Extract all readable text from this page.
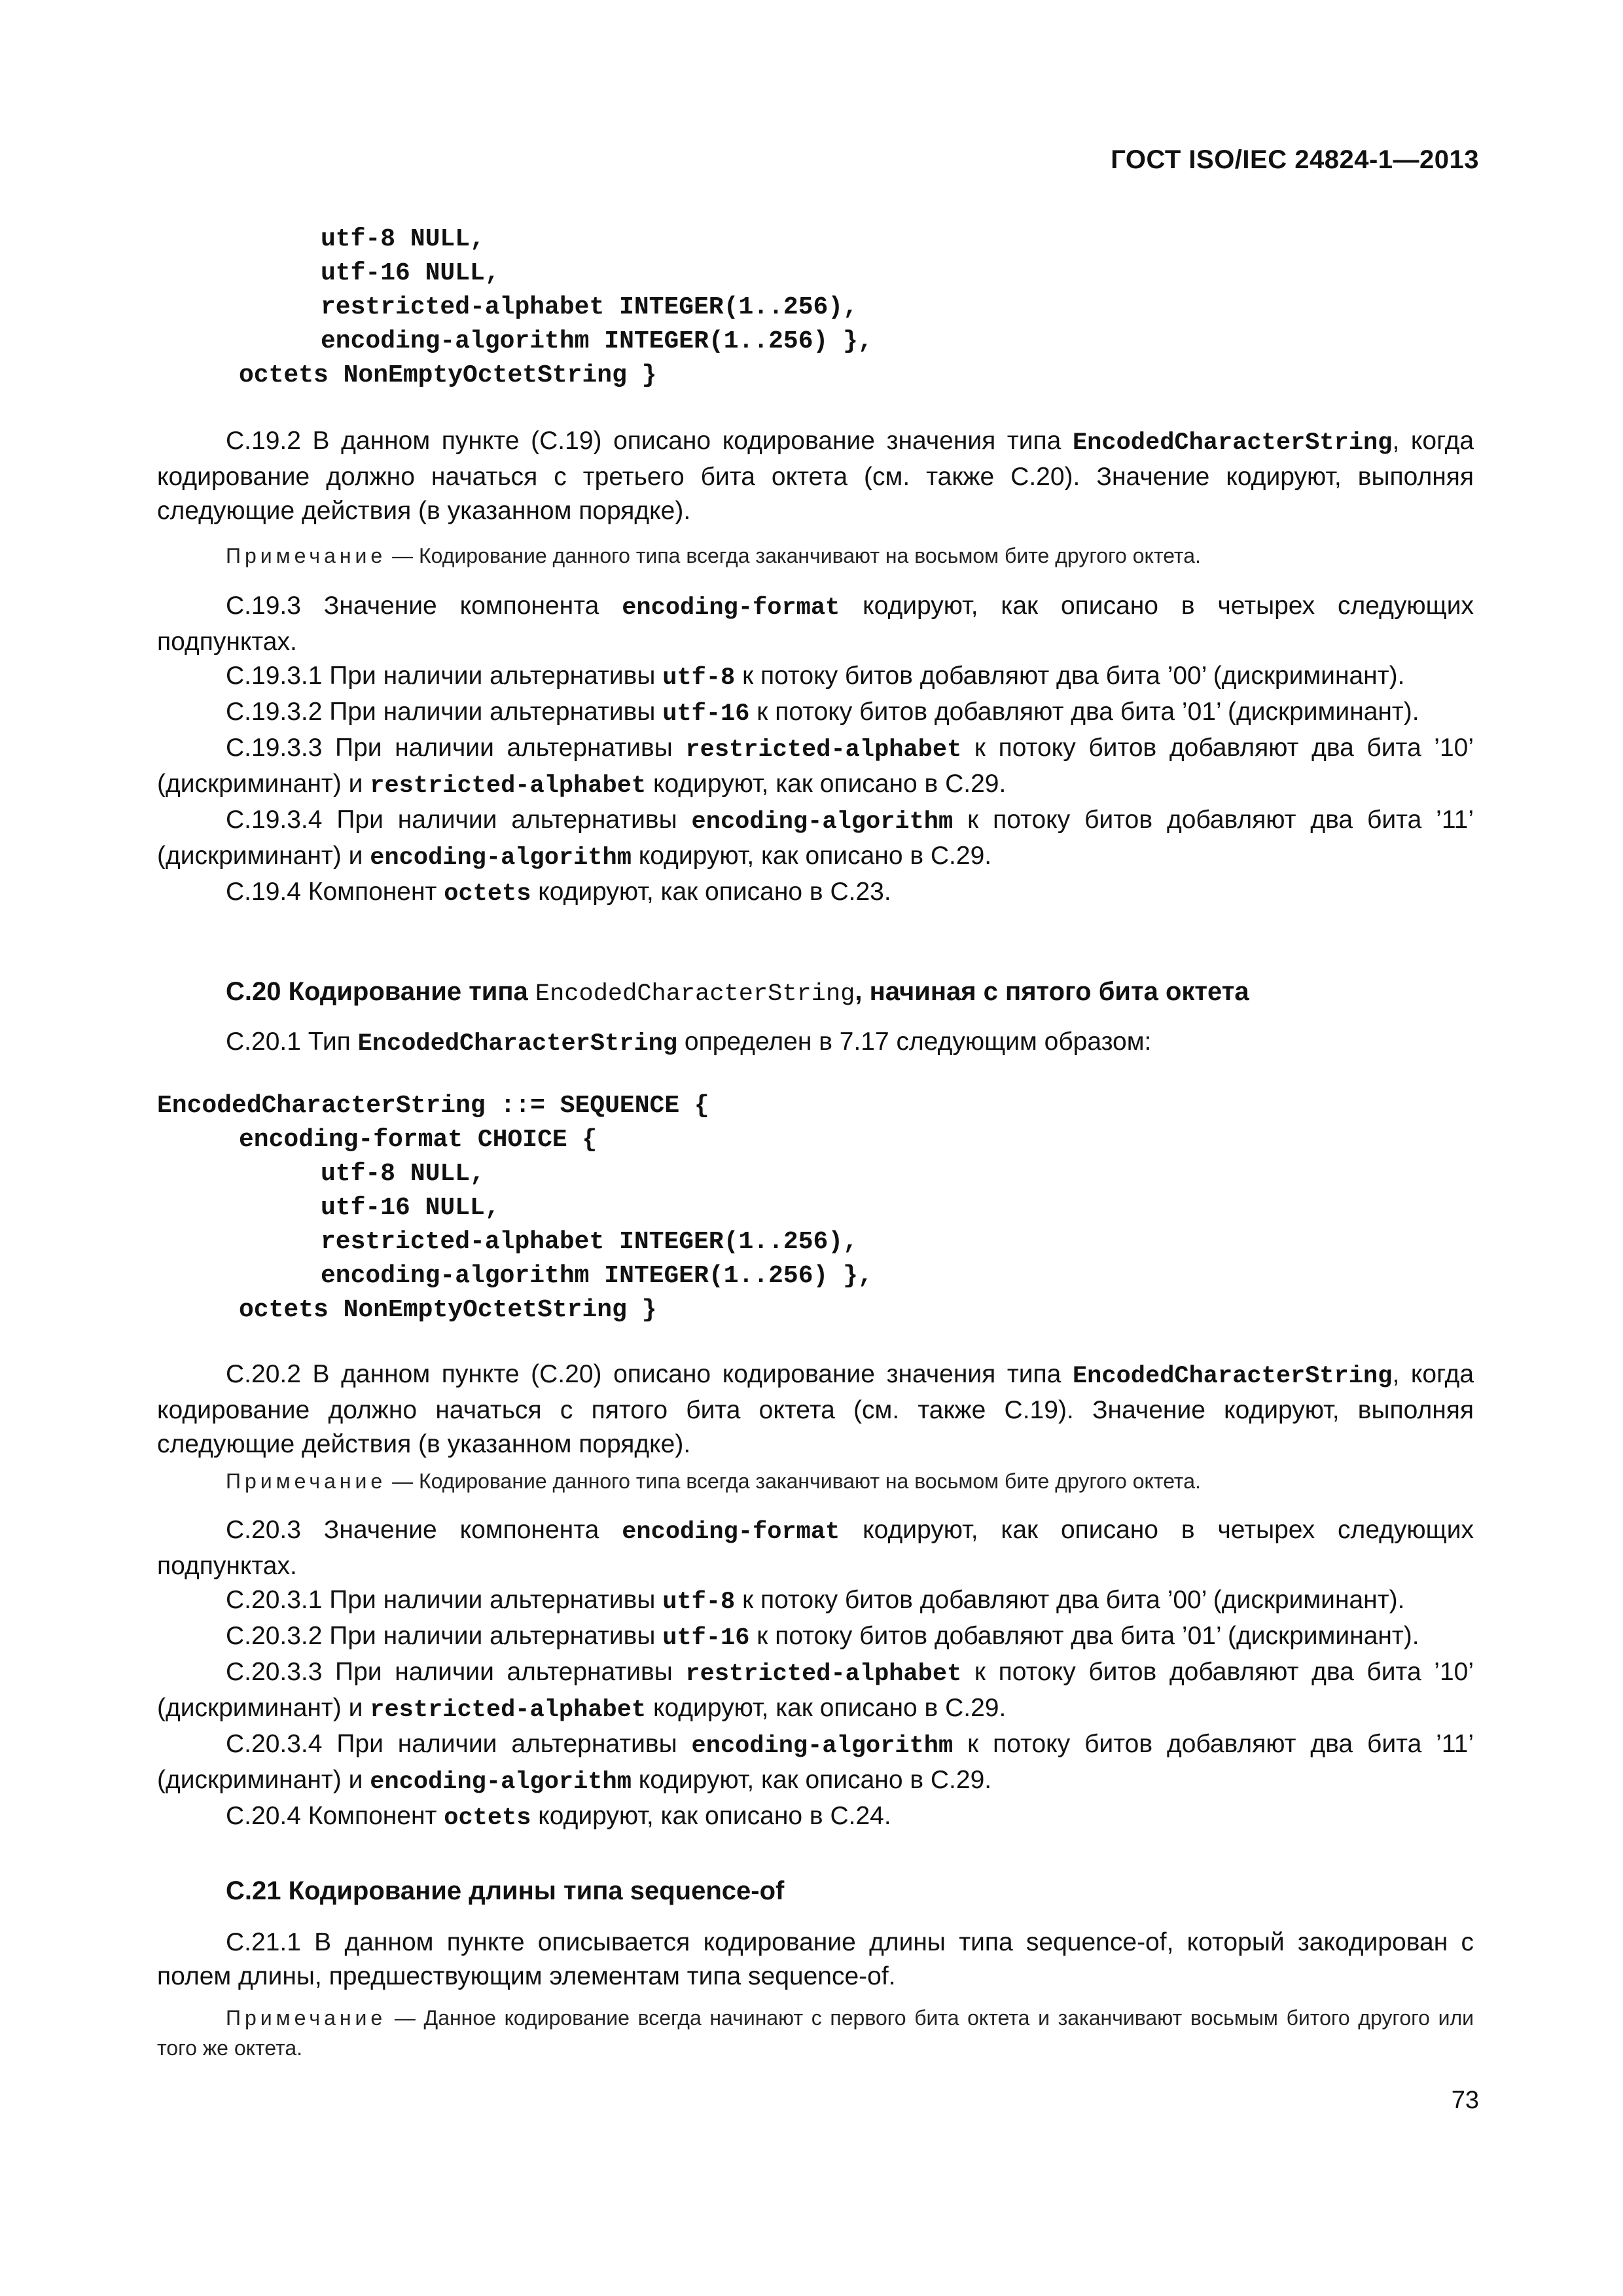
ГОСТ ISO/IEC 24824-1—2013
utf-8 NULL,
utf-16 NULL,
restricted-alphabet INTEGER(1..256),
encoding-algorithm INTEGER(1..256) },
octets NonEmptyOctetString }

С.19.2 В данном пункте (С.19) описано кодирование значения типа EncodedCharacterString, когда кодирование должно начаться с третьего бита октета (см. также С.20). Значение кодируют, выполняя следующие действия (в указанном порядке).

Примечание — Кодирование данного типа всегда заканчивают на восьмом бите другого октета.

С.19.3 Значение компонента encoding-format кодируют, как описано в четырех следующих подпунктах.

С.19.3.1 При наличии альтернативы utf-8 к потоку битов добавляют два бита ’00’ (дискриминант).

С.19.3.2 При наличии альтернативы utf-16 к потоку битов добавляют два бита ’01’ (дискриминант).

С.19.3.3 При наличии альтернативы restricted-alphabet к потоку битов добавляют два бита ’10’ (дискриминант) и restricted-alphabet кодируют, как описано в С.29.

С.19.3.4 При наличии альтернативы encoding-algorithm к потоку битов добавляют два бита ’11’ (дискриминант) и encoding-algorithm кодируют, как описано в С.29.

С.19.4 Компонент octets кодируют, как описано в С.23.

С.20 Кодирование типа EncodedCharacterString, начиная с пятого бита октета

С.20.1 Тип EncodedCharacterString определен в 7.17 следующим образом:

EncodedCharacterString ::= SEQUENCE {
encoding-format CHOICE {
utf-8 NULL,
utf-16 NULL,
restricted-alphabet INTEGER(1..256),
encoding-algorithm INTEGER(1..256) },
octets NonEmptyOctetString }

С.20.2 В данном пункте (С.20) описано кодирование значения типа EncodedCharacterString, когда кодирование должно начаться с пятого бита октета (см. также С.19). Значение кодируют, выполняя следующие действия (в указанном порядке).

Примечание — Кодирование данного типа всегда заканчивают на восьмом бите другого октета.

С.20.3 Значение компонента encoding-format кодируют, как описано в четырех следующих подпунктах.

С.20.3.1 При наличии альтернативы utf-8 к потоку битов добавляют два бита ’00’ (дискриминант).

С.20.3.2 При наличии альтернативы utf-16 к потоку битов добавляют два бита ’01’ (дискриминант).

С.20.3.3 При наличии альтернативы restricted-alphabet к потоку битов добавляют два бита ’10’ (дискриминант) и restricted-alphabet кодируют, как описано в С.29.

С.20.3.4 При наличии альтернативы encoding-algorithm к потоку битов добавляют два бита ’11’ (дискриминант) и encoding-algorithm кодируют, как описано в С.29.

С.20.4 Компонент octets кодируют, как описано в С.24.

С.21 Кодирование длины типа sequence-of

С.21.1 В данном пункте описывается кодирование длины типа sequence-of, который закодирован с полем длины, предшествующим элементам типа sequence-of.

Примечание — Данное кодирование всегда начинают с первого бита октета и заканчивают восьмым битого другого или того же октета.

73
